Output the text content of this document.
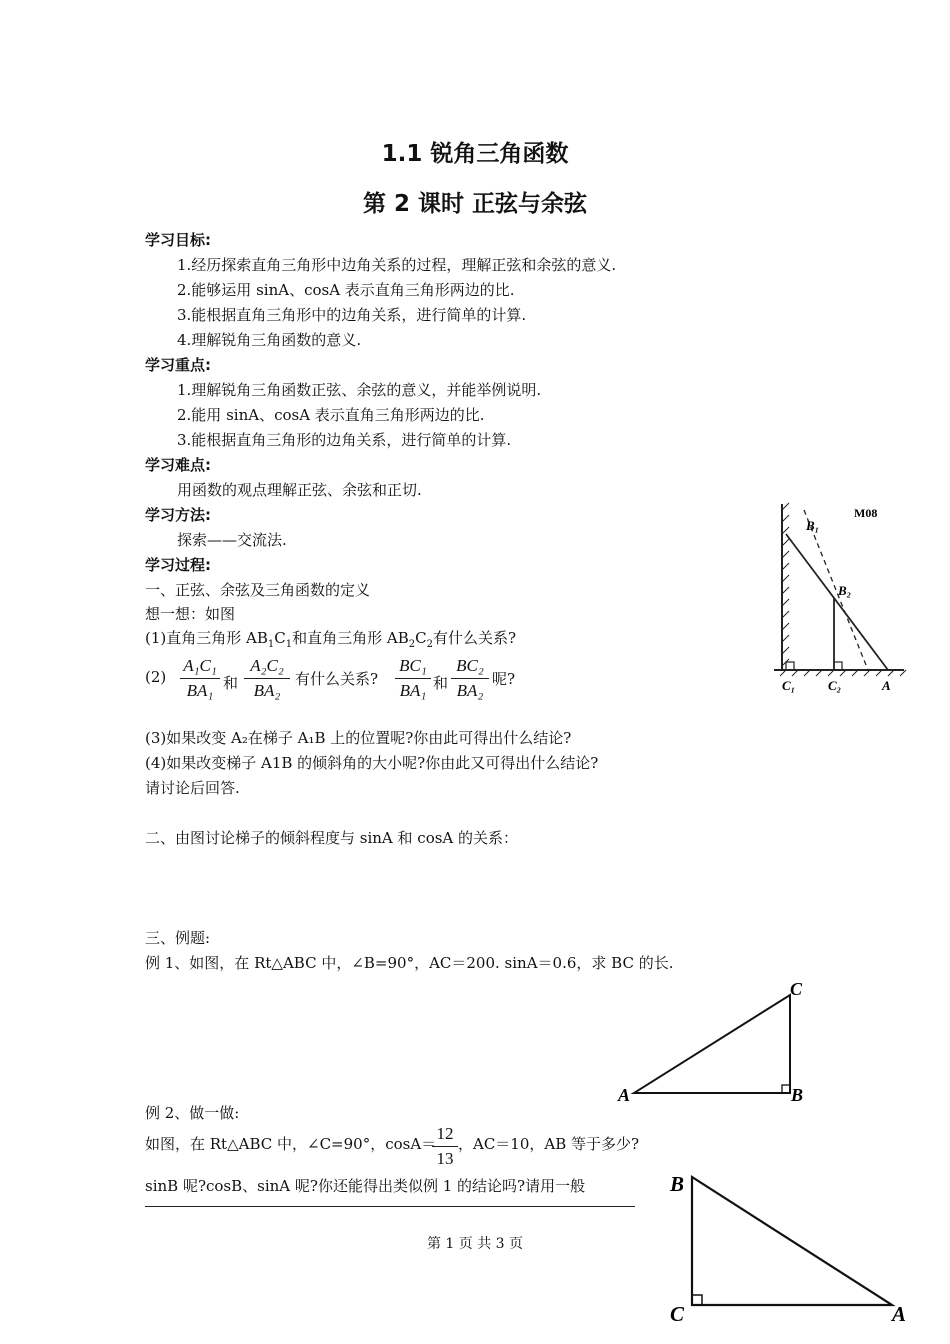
1.1 锐角三角函数
第 2 课时 正弦与余弦
学习目标:
1.经历探索直角三角形中边角关系的过程，理解正弦和余弦的意义.
2.能够运用 sinA、cosA 表示直角三角形两边的比.
3.能根据直角三角形中的边角关系，进行简单的计算.
4.理解锐角三角函数的意义.
学习重点:
1.理解锐角三角函数正弦、余弦的意义，并能举例说明.
2.能用 sinA、cosA 表示直角三角形两边的比.
3.能根据直角三角形的边角关系，进行简单的计算.
学习难点:
用函数的观点理解正弦、余弦和正切.
学习方法:
探索——交流法.
学习过程:
一、正弦、余弦及三角函数的定义
想一想：如图
(1)直角三角形 $AB_1C_1$和直角三角形 $AB_2C_2$有什么关系?
(2)
A₁C₁
BA₁ 和
A₂C₂
BA₂
有什么关系?
BC₁
BA₁ 和
BC₂
BA₂
呢?
(3)如果改变 A₂在梯子 A₁B 上的位置呢?你由此可得出什么结论?
(4)如果改变梯子 A1B 的倾斜角的大小呢?你由此又可得出什么结论?
请讨论后回答.
二、由图讨论梯子的倾斜程度与 sinA 和 cosA 的关系：
三、例题:
例 1、如图，在 Rt△ABC 中，∠B=90°，AC＝200. sinA＝0.6，求 BC 的长.
例 2、做一做:
如图，在 Rt△ABC 中，∠C=90°，cosA＝
12
13
，AC＝10，AB 等于多少?
sinB 呢?cosB、sinA 呢?你还能得出类似例 1 的结论吗?请用一般
第 1 页 共 3 页
B₁
B₂
C₁	C₂	A
M08
C
A	B
B
C	A
